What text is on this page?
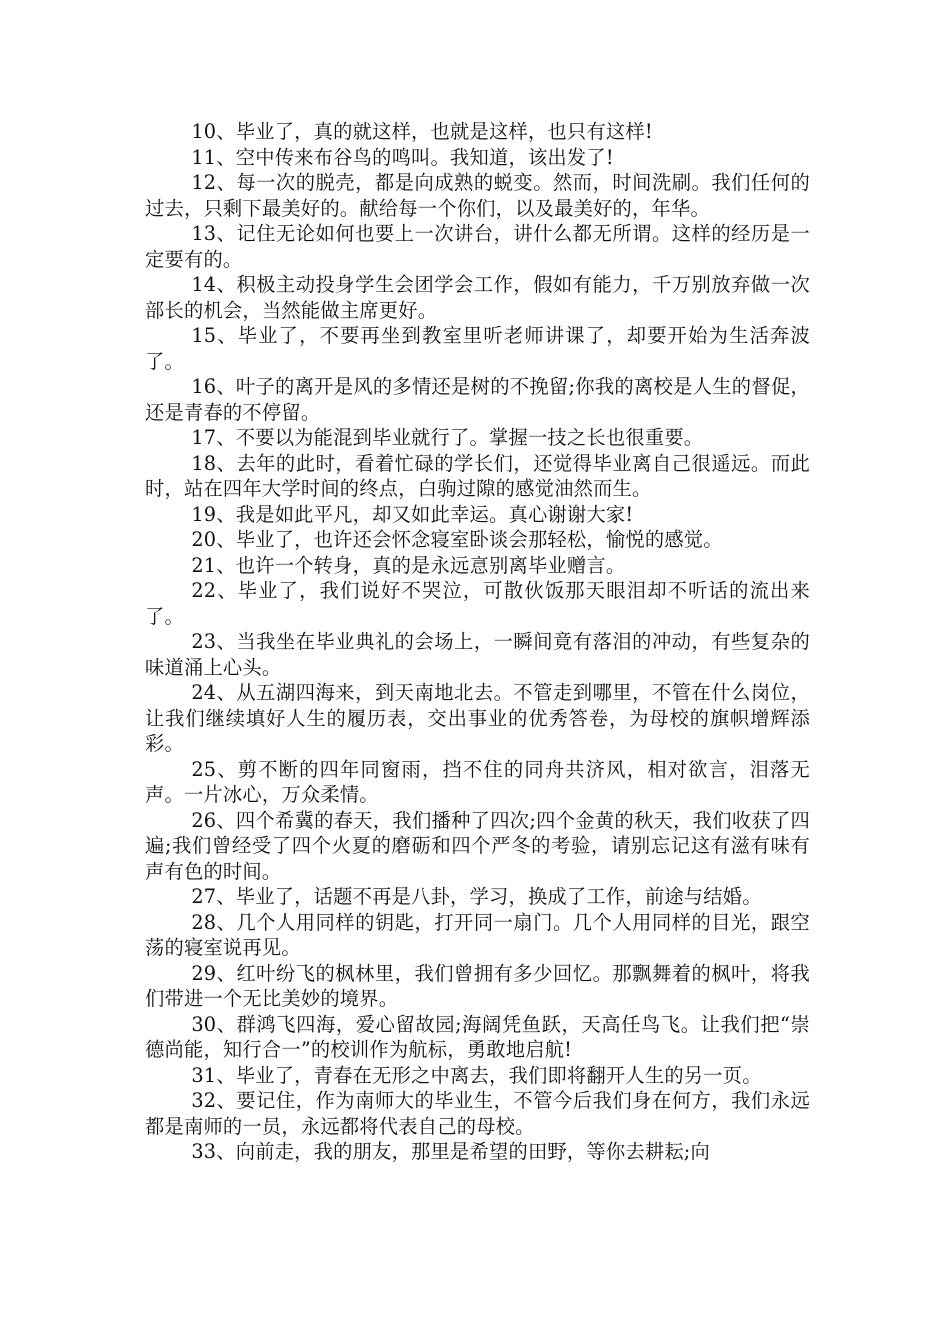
10、毕业了，真的就这样，也就是这样，也只有这样!

11、空中传来布谷鸟的鸣叫。我知道，该出发了!

12、每一次的脱壳，都是向成熟的蜕变。然而，时间洗刷。我们任何的过去，只剩下最美好的。献给每一个你们，以及最美好的，年华。

13、记住无论如何也要上一次讲台，讲什么都无所谓。这样的经历是一定要有的。

14、积极主动投身学生会团学会工作，假如有能力，千万别放弃做一次部长的机会，当然能做主席更好。

15、毕业了，不要再坐到教室里听老师讲课了，却要开始为生活奔波了。

16、叶子的离开是风的多情还是树的不挽留;你我的离校是人生的督促，还是青春的不停留。

17、不要以为能混到毕业就行了。掌握一技之长也很重要。

18、去年的此时，看着忙碌的学长们，还觉得毕业离自己很遥远。而此时，站在四年大学时间的终点，白驹过隙的感觉油然而生。

19、我是如此平凡，却又如此幸运。真心谢谢大家!

20、毕业了，也许还会怀念寝室卧谈会那轻松，愉悦的感觉。

21、也许一个转身，真的是永远悥别离毕业赠言。

22、毕业了，我们说好不哭泣，可散伙饭那天眼泪却不听话的流出来了。

23、当我坐在毕业典礼的会场上，一瞬间竟有落泪的冲动，有些复杂的味道涌上心头。

24、从五湖四海来，到天南地北去。不管走到哪里，不管在什么岗位，让我们继续填好人生的履历表，交出事业的优秀答卷，为母校的旗帜增辉添彩。

25、剪不断的四年同窗雨，挡不住的同舟共济风，相对欲言，泪落无声。一片冰心，万众柔情。

26、四个希冀的春天，我们播种了四次;四个金黄的秋天，我们收获了四遍;我们曾经受了四个火夏的磨砺和四个严冬的考验，请别忘记这有滋有味有声有色的时间。

27、毕业了，话题不再是八卦，学习，换成了工作，前途与结婚。

28、几个人用同样的钥匙，打开同一扇门。几个人用同样的目光，跟空荡的寝室说再见。

29、红叶纷飞的枫林里，我们曾拥有多少回忆。那飘舞着的枫叶，将我们带进一个无比美妙的境界。

30、群鸿飞四海，爱心留故园;海阔凭鱼跃，天高任鸟飞。让我们把“崇德尚能，知行合一”的校训作为航标，勇敢地启航!

31、毕业了，青春在无形之中离去，我们即将翻开人生的另一页。

32、要记住，作为南师大的毕业生，不管今后我们身在何方，我们永远都是南师的一员，永远都将代表自己的母校。

33、向前走，我的朋友，那里是希望的田野，等你去耕耘;向
